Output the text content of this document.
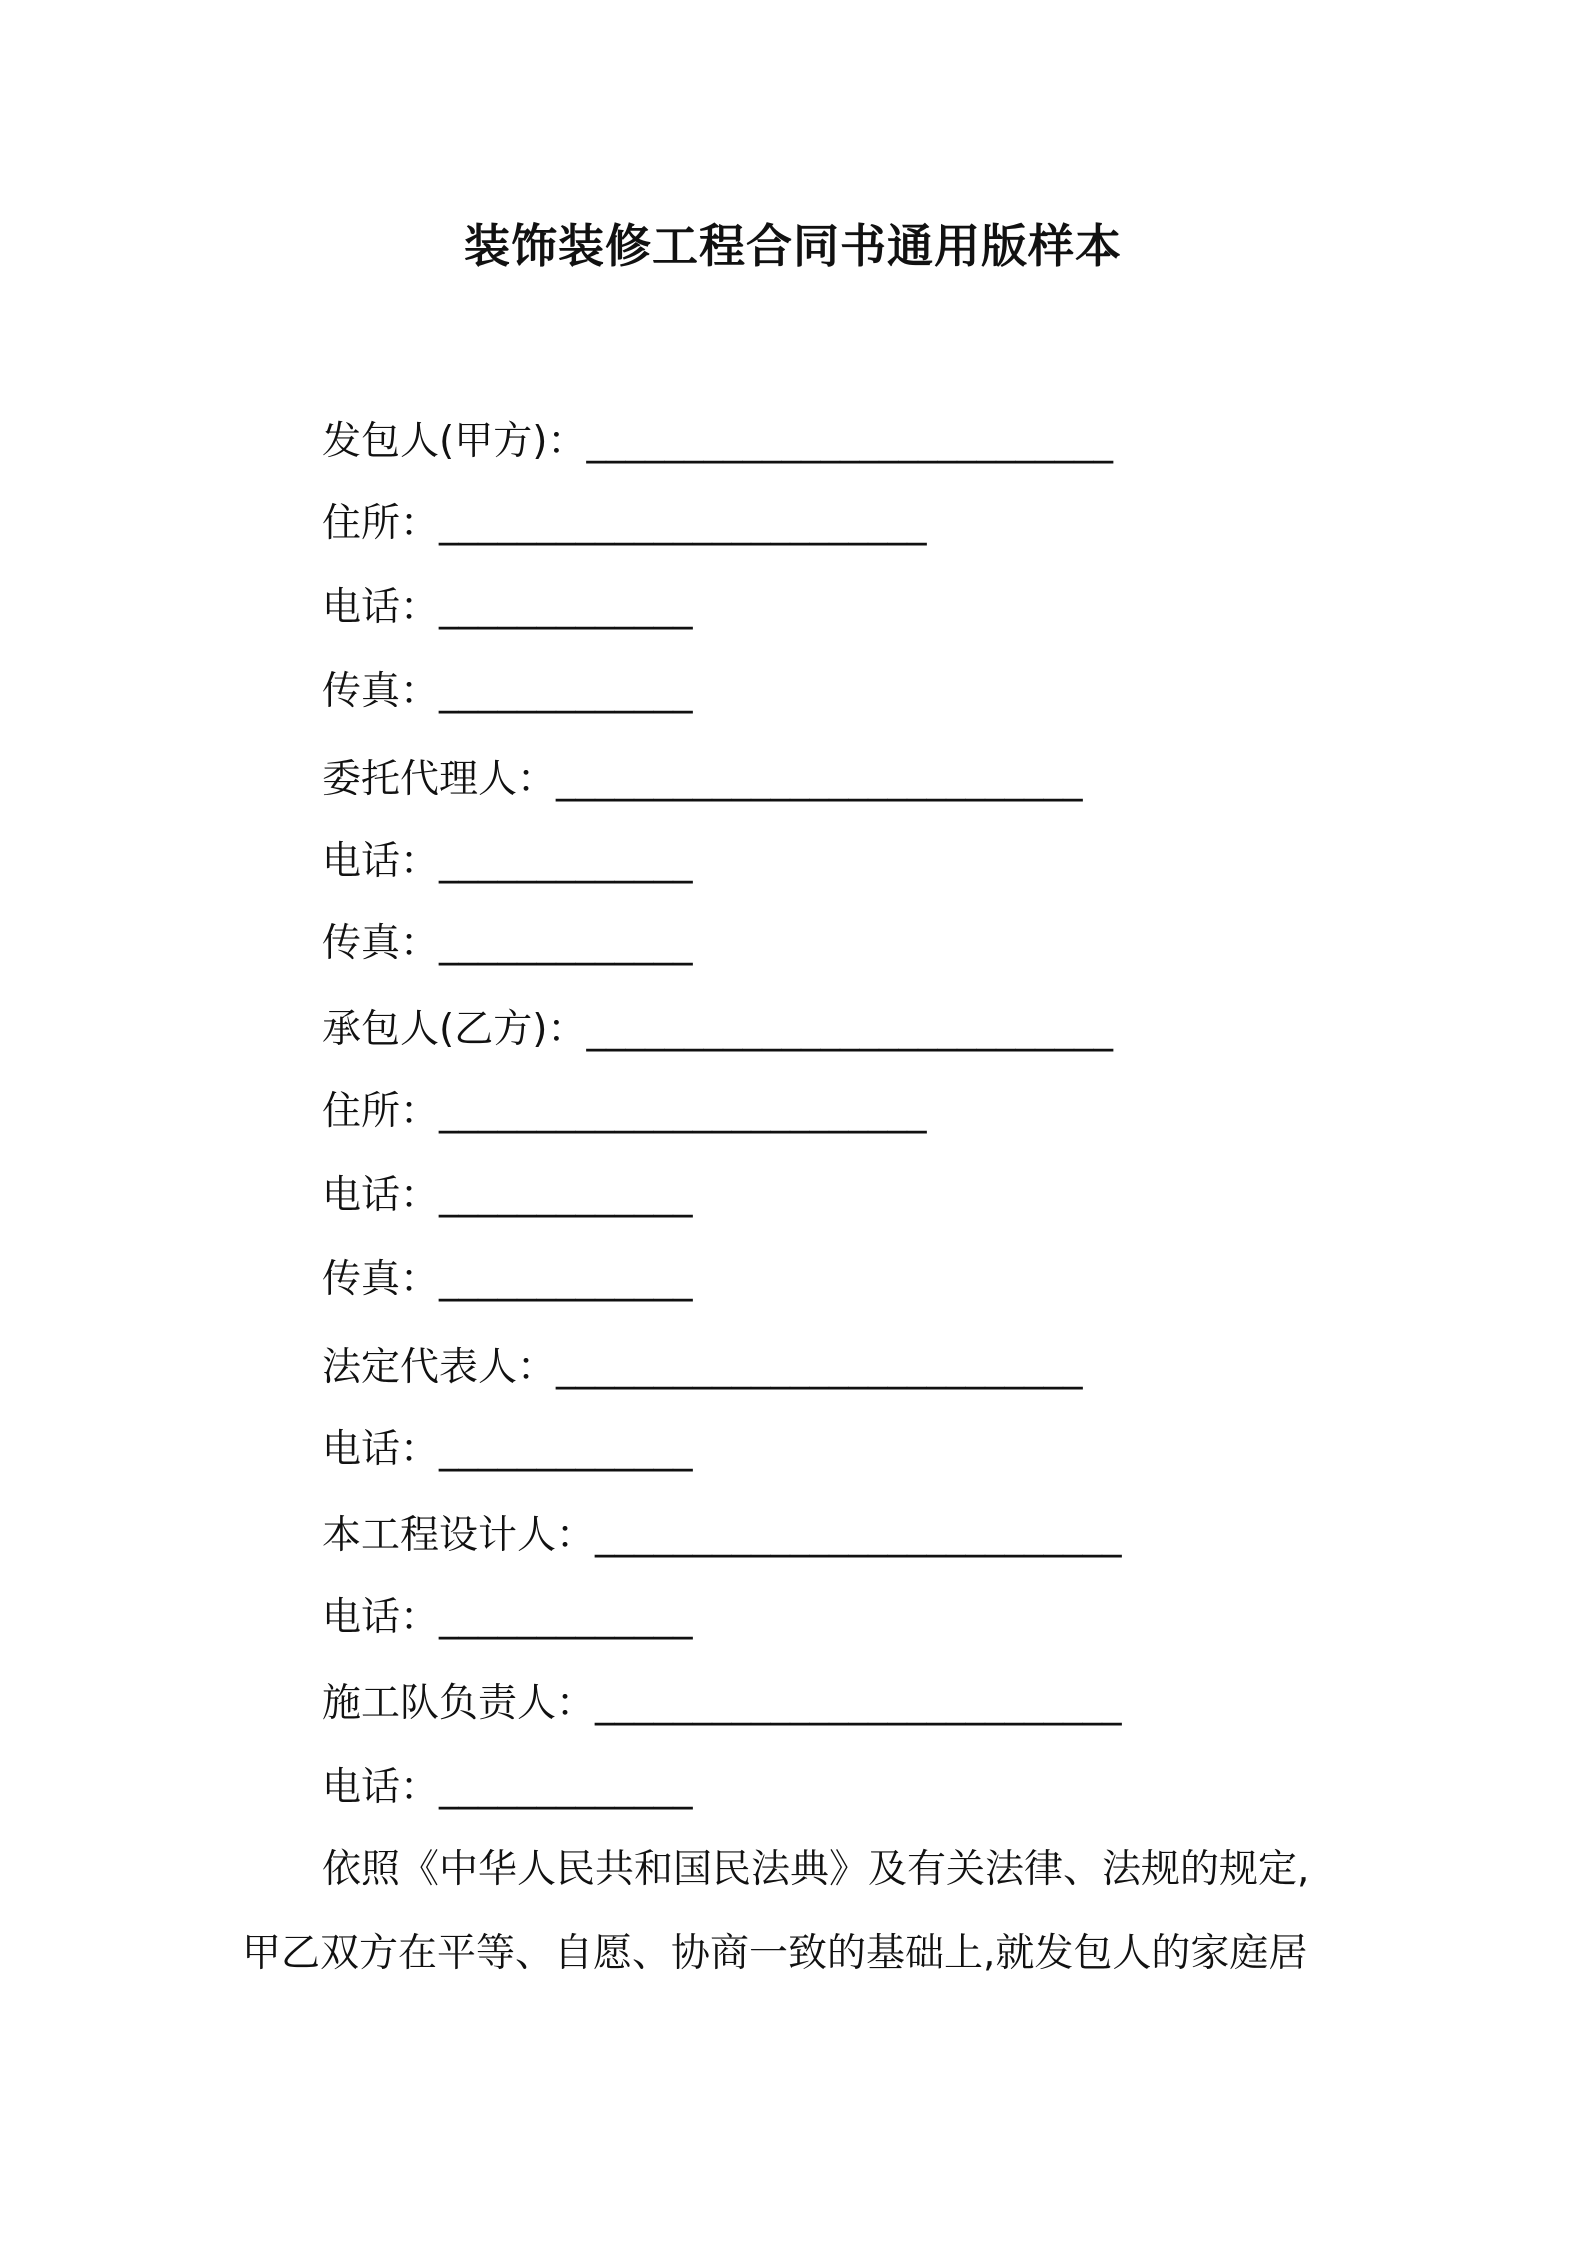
装饰装修工程合同书通用版样本
发包人(甲方)：___________________________
住所：_________________________
电话：_____________
传真：_____________
委托代理人：___________________________
电话：_____________
传真：_____________
承包人(乙方)：___________________________
住所：_________________________
电话：_____________
传真：_____________
法定代表人：___________________________
电话：_____________
本工程设计人：___________________________
电话：_____________
施工队负责人：___________________________
电话：_____________
依照《中华人民共和国民法典》及有关法律、法规的规定,
甲乙双方在平等、自愿、协商一致的基础上,就发包人的家庭居
